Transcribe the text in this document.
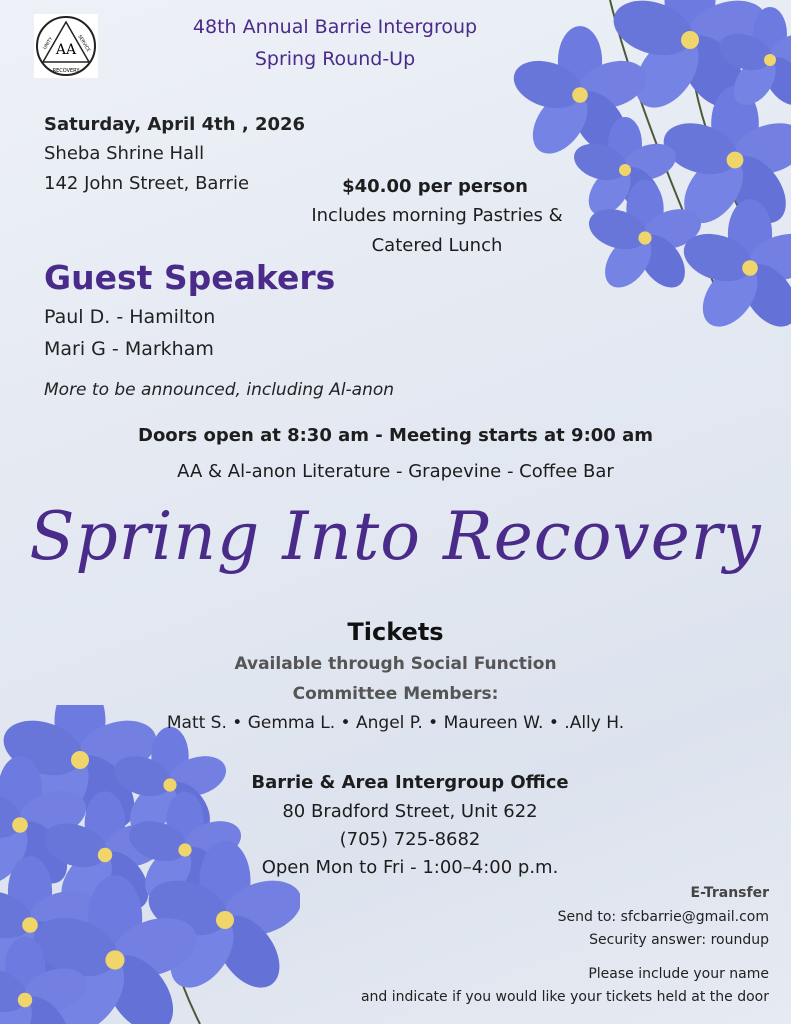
AA
RECOVERY
UNITY	SERVICE
48th Annual Barrie Intergroup
Spring Round-Up
Saturday, April 4th , 2026
Sheba Shrine Hall
142 John Street, Barrie	$40.00 per person
Includes morning Pastries &
Catered Lunch
Guest Speakers
Paul D. - Hamilton
Mari G - Markham
More to be announced, including Al-anon
Doors open at 8:30 am - Meeting starts at 9:00 am
AA & Al-anon Literature - Grapevine - Coffee Bar
Spring Into Recovery
Tickets
Available through Social Function
Committee Members:
Matt S. • Gemma L. • Angel P. • Maureen W. • .Ally H.
Barrie & Area Intergroup Office
80 Bradford Street, Unit 622
(705) 725-8682
Open Mon to Fri - 1:00–4:00 p.m.
E-Transfer
Send to: sfcbarrie@gmail.com
Security answer: roundup
Please include your name
and indicate if you would like your tickets held at the door
